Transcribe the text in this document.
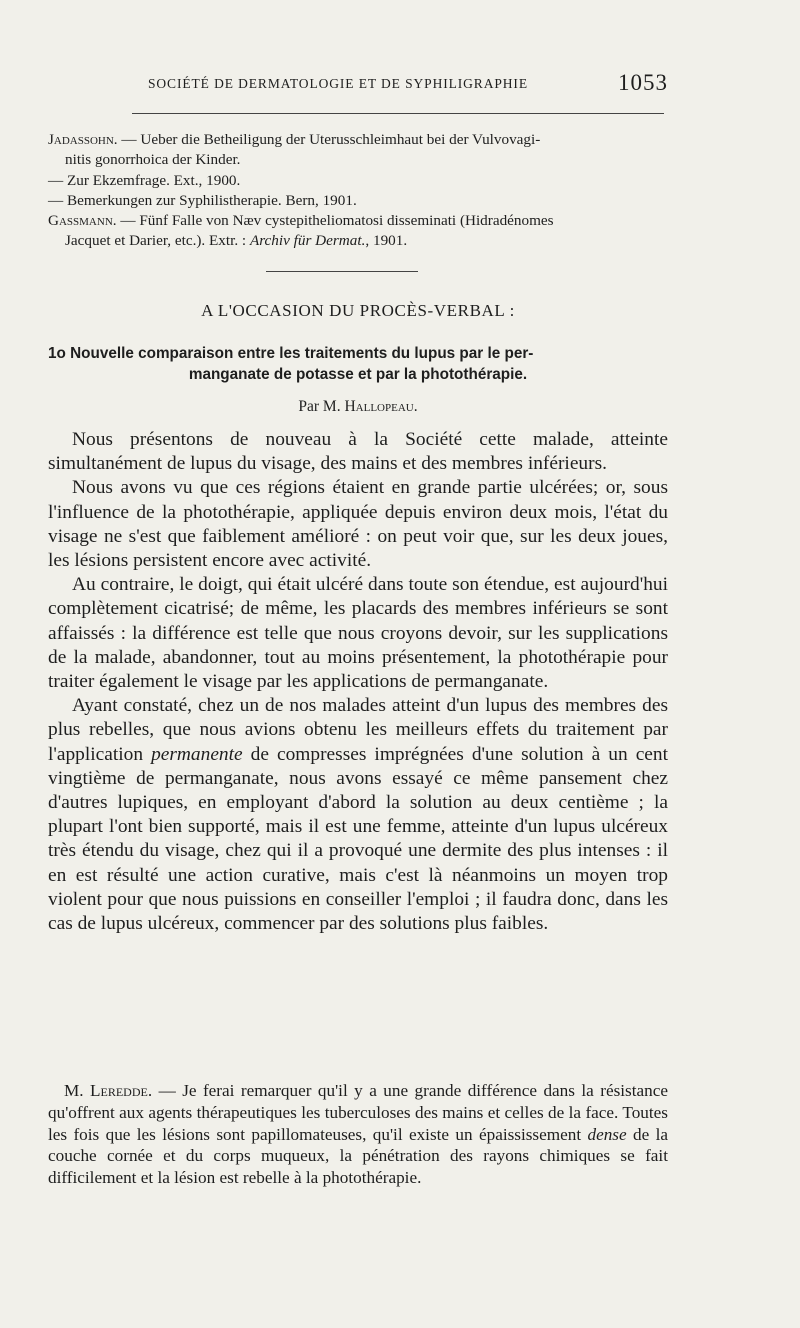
SOCIÉTÉ DE DERMATOLOGIE ET DE SYPHILIGRAPHIE	1053

Jadassohn. — Ueber die Betheiligung der Uterusschleimhaut bei der Vulvovagi-
nitis gonorrhoica der Kinder.

— Zur Ekzemfrage. Ext., 1900.

— Bemerkungen zur Syphilistherapie. Bern, 1901.

Gassmann. — Fünf Falle von Næv cystepitheliomatosi disseminati (Hidradénomes
Jacquet et Darier, etc.). Extr. : Archiv für Dermat., 1901.

A L'OCCASION DU PROCÈS-VERBAL :
1o Nouvelle comparaison entre les traitements du lupus par le per-
manganate de potasse et par la photothérapie.
Par M. Hallopeau.

Nous présentons de nouveau à la Société cette malade, atteinte simultanément de lupus du visage, des mains et des membres inférieurs.

Nous avons vu que ces régions étaient en grande partie ulcérées; or, sous l'influence de la photothérapie, appliquée depuis environ deux mois, l'état du visage ne s'est que faiblement amélioré : on peut voir que, sur les deux joues, les lésions persistent encore avec activité.

Au contraire, le doigt, qui était ulcéré dans toute son étendue, est aujourd'hui complètement cicatrisé; de même, les placards des membres inférieurs se sont affaissés : la différence est telle que nous croyons devoir, sur les supplications de la malade, abandonner, tout au moins présentement, la photothérapie pour traiter également le visage par les applications de permanganate.

Ayant constaté, chez un de nos malades atteint d'un lupus des membres des plus rebelles, que nous avions obtenu les meilleurs effets du traitement par l'application permanente de compresses imprégnées d'une solution à un cent vingtième de permanganate, nous avons essayé ce même pansement chez d'autres lupiques, en employant d'abord la solution au deux centième ; la plupart l'ont bien supporté, mais il est une femme, atteinte d'un lupus ulcéreux très étendu du visage, chez qui il a provoqué une dermite des plus intenses : il en est résulté une action curative, mais c'est là néanmoins un moyen trop violent pour que nous puissions en conseiller l'emploi ; il faudra donc, dans les cas de lupus ulcéreux, commencer par des solutions plus faibles.

M. Leredde. — Je ferai remarquer qu'il y a une grande différence dans la résistance qu'offrent aux agents thérapeutiques les tuberculoses des mains et celles de la face. Toutes les fois que les lésions sont papillomateuses, qu'il existe un épaississement dense de la couche cornée et du corps muqueux, la pénétration des rayons chimiques se fait difficilement et la lésion est rebelle à la photothérapie.
